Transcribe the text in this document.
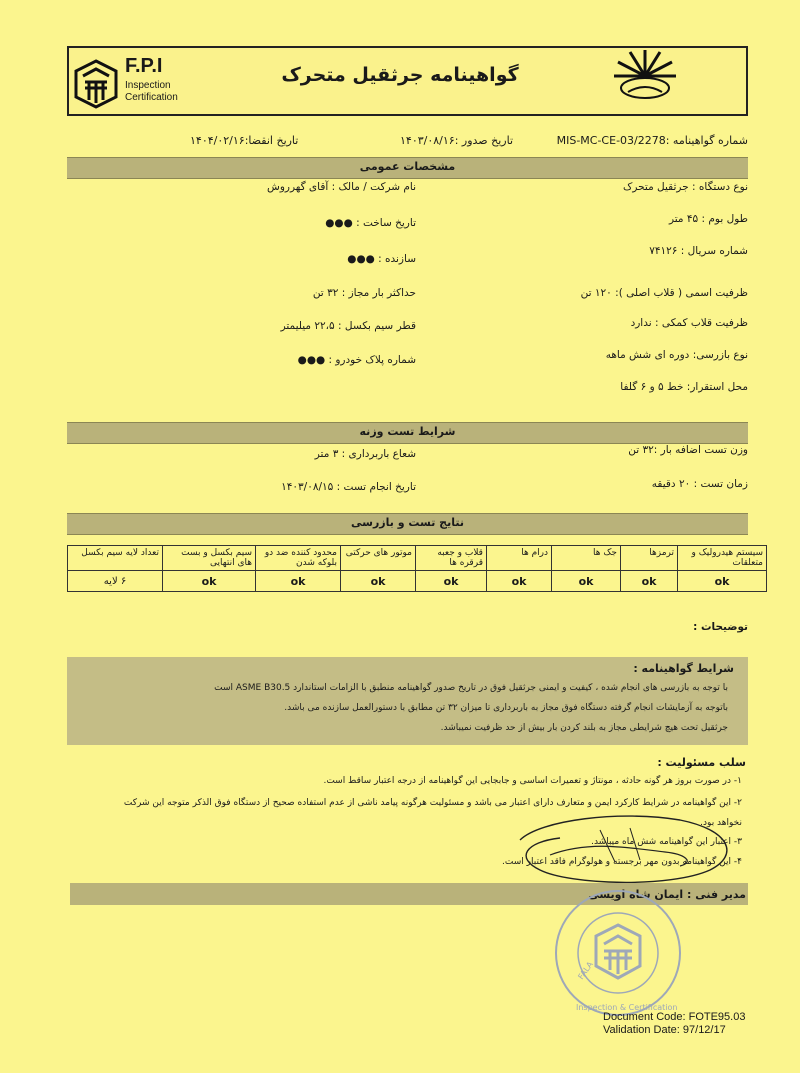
F.P.I
Inspection
Certification
گواهینامه جرثقیل متحرک
شماره گواهینامه :MIS-MC-CE-03/2278
تاریخ صدور :۱۴۰۳/۰۸/۱۶
تاریخ انقضا:۱۴۰۴/۰۲/۱۶
مشخصات عمومی
نوع دستگاه : جرثقیل متحرک
طول بوم : ۴۵ متر
شماره سریال : ۷۴۱۲۶
ظرفیت اسمی ( قلاب اصلی ): ۱۲۰ تن
ظرفیت قلاب کمکی : ندارد
نوع بازرسی: دوره ای شش ماهه
محل استقرار: خط ۵ و ۶ گلفا
نام شرکت / مالک : آقای گهرروش
تاریخ ساخت : ●●●
سازنده : ●●●
حداکثر بار مجاز : ۳۲ تن
قطر سیم بکسل : ۲۲،۵ میلیمتر
شماره پلاک خودرو : ●●●
شرایط تست وزنه
وزن تست اضافه بار :۳۲ تن
زمان تست : ۲۰ دقیقه
شعاع باربرداری : ۳ متر
تاریخ انجام تست : ۱۴۰۳/۰۸/۱۵
نتایج تست و بازرسی
سیستم هیدرولیک و متعلقات	ترمزها	جک ها	درام ها	قلاب و جعبه قرقره ها	موتور های حرکتی	محدود کننده ضد دو بلوکه شدن	سیم بکسل و بست های انتهایی	تعداد لایه سیم بکسل
ok	ok	ok	ok	ok	ok	ok	ok	۶ لایه
توضیحات :
شرایط گواهینامه :
با توجه به بازرسی های انجام شده ، کیفیت و ایمنی جرثقیل فوق در تاریخ صدور گواهینامه منطبق با الزامات استاندارد ASME B30.5 است
باتوجه به آزمایشات انجام گرفته دستگاه فوق مجاز به باربرداری تا میزان ۳۲ تن مطابق با دستورالعمل سازنده می باشد.
جرثقیل تحت هیچ شرایطی مجاز به بلند کردن بار بیش از حد ظرفیت نمیباشد.
سلب مسئولیت :
۱- در صورت بروز هر گونه حادثه ، مونتاژ و تعمیرات اساسی و جابجایی این گواهینامه از درجه اعتبار ساقط است.
۲- این گواهینامه در شرایط کارکرد ایمن و متعارف دارای اعتبار می باشد و مسئولیت هرگونه پیامد ناشی از عدم استفاده صحیح از دستگاه فوق الذکر متوجه این شرکت
نخواهد بود.
۳- اعتبار این گواهینامه شش ماه میباشد.
۴- این گواهینامه بدون مهر برجسته و هولوگرام فاقد اعتبار است.
مدیر فنی : ایمان شاه اویسی
FALA
Inspection & Certification
Document Code: FOTE95.03
Validation Date: 97/12/17
